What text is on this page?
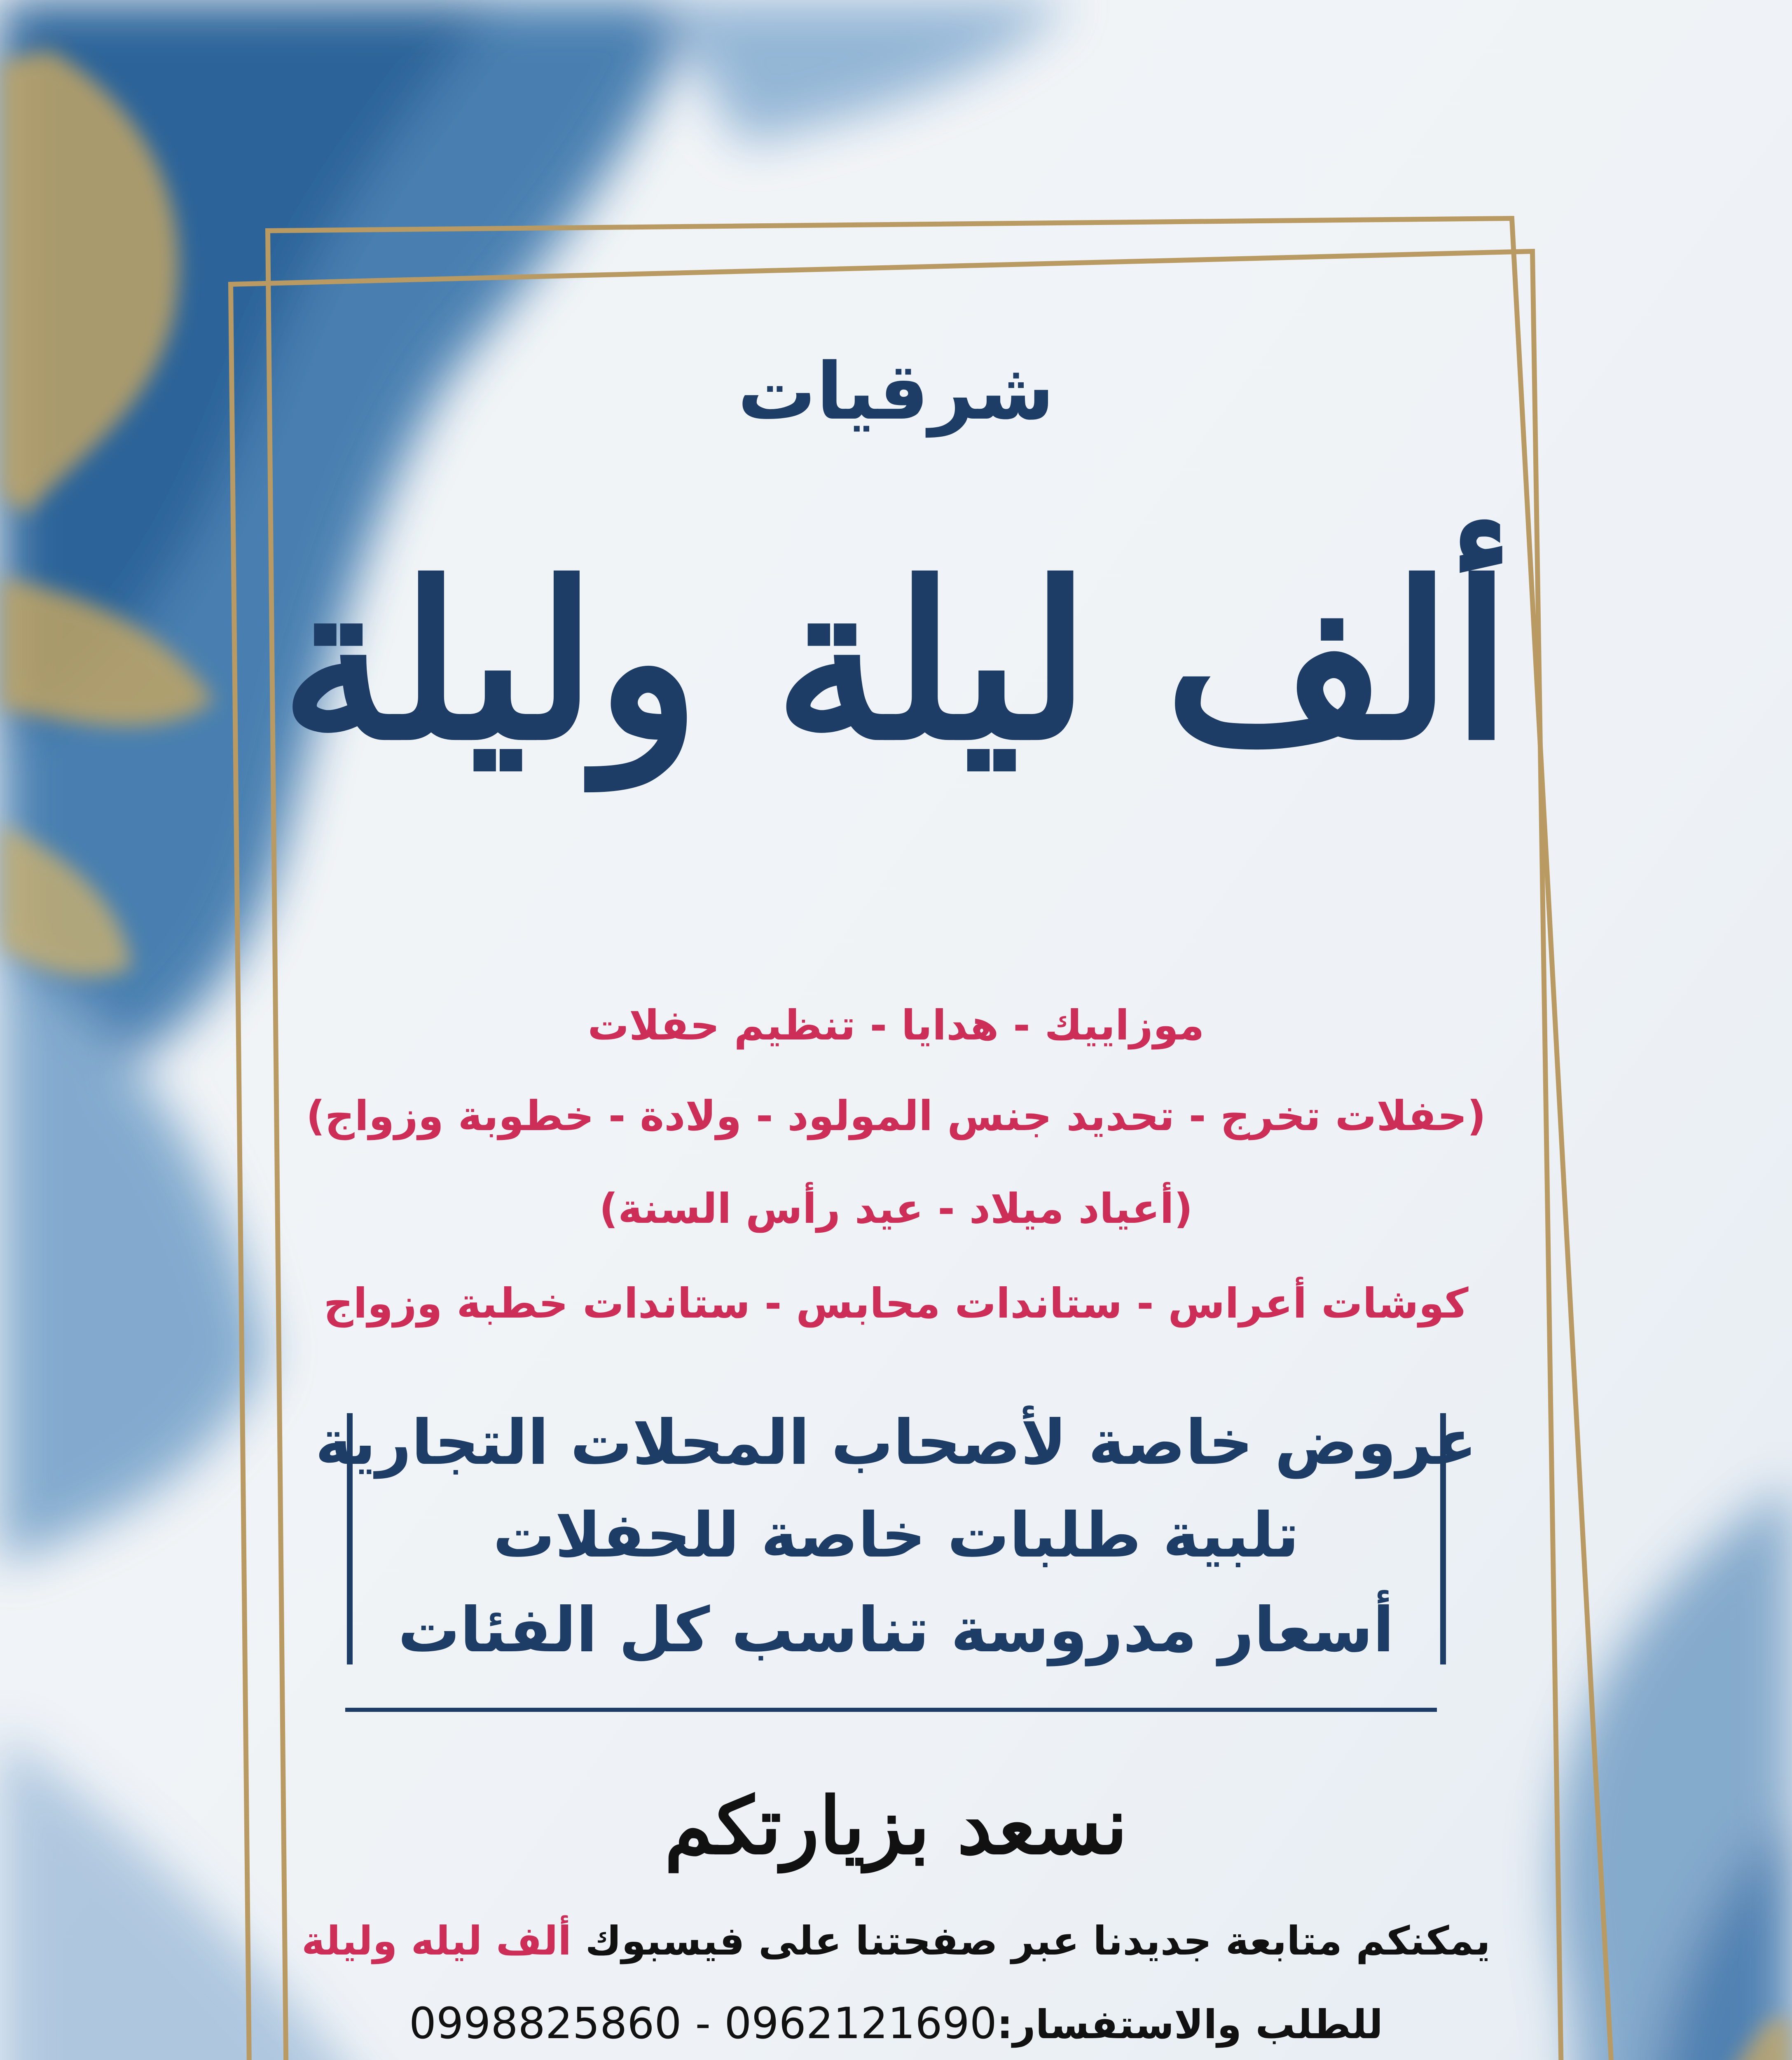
شرقيات
ألف ليلة وليلة
موزاييك - هدايا - تنظيم حفلات
(حفلات تخرج - تحديد جنس المولود - ولادة - خطوبة وزواج)
(أعياد ميلاد - عيد رأس السنة)
كوشات أعراس - ستاندات محابس - ستاندات خطبة وزواج
عروض خاصة لأصحاب المحلات التجارية
تلبية طلبات خاصة للحفلات
أسعار مدروسة تناسب كل الفئات
نسعد بزيارتكم
يمكنكم متابعة جديدنا عبر صفحتنا على فيسبوك ألف ليله وليلة
للطلب والاستفسار:0998825860 - 0962121690
